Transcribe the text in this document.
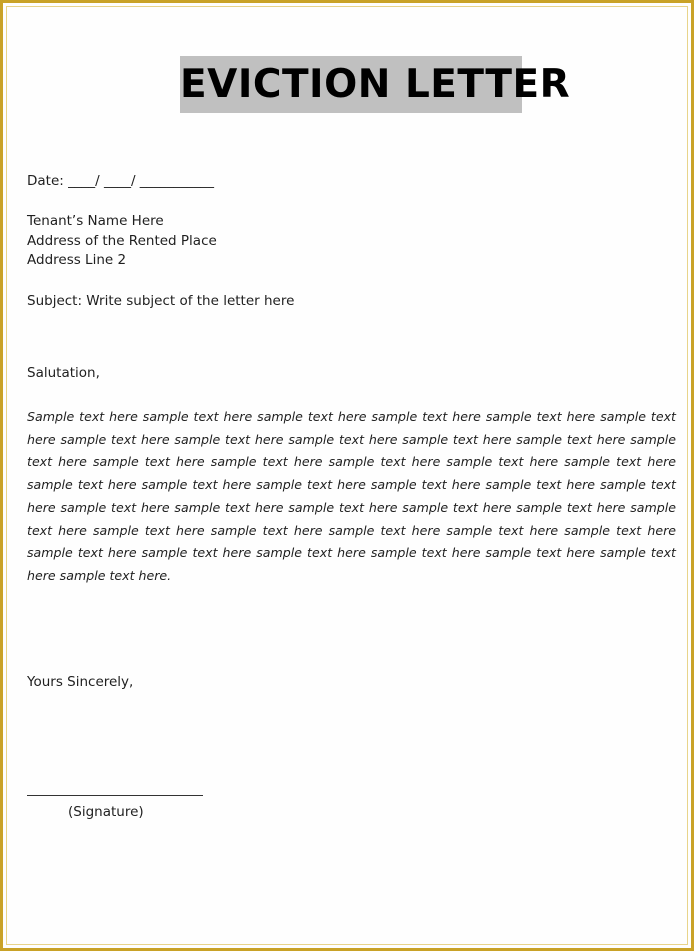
EVICTION LETTER
Date: ____/ ____/ ___________
Tenant’s Name Here
Address of the Rented Place
Address Line 2
Subject: Write subject of the letter here
Salutation,
Sample text here sample text here sample text here sample text here sample text here sample text here sample text here sample text here sample text here sample text here sample text here sample text here sample text here sample text here sample text here sample text here sample text here sample text here sample text here sample text here sample text here sample text here sample text here sample text here sample text here sample text here sample text here sample text here sample text here sample text here sample text here sample text here sample text here sample text here sample text here sample text here sample text here sample text here sample text here sample text here sample text here.
Yours Sincerely,
(Signature)
